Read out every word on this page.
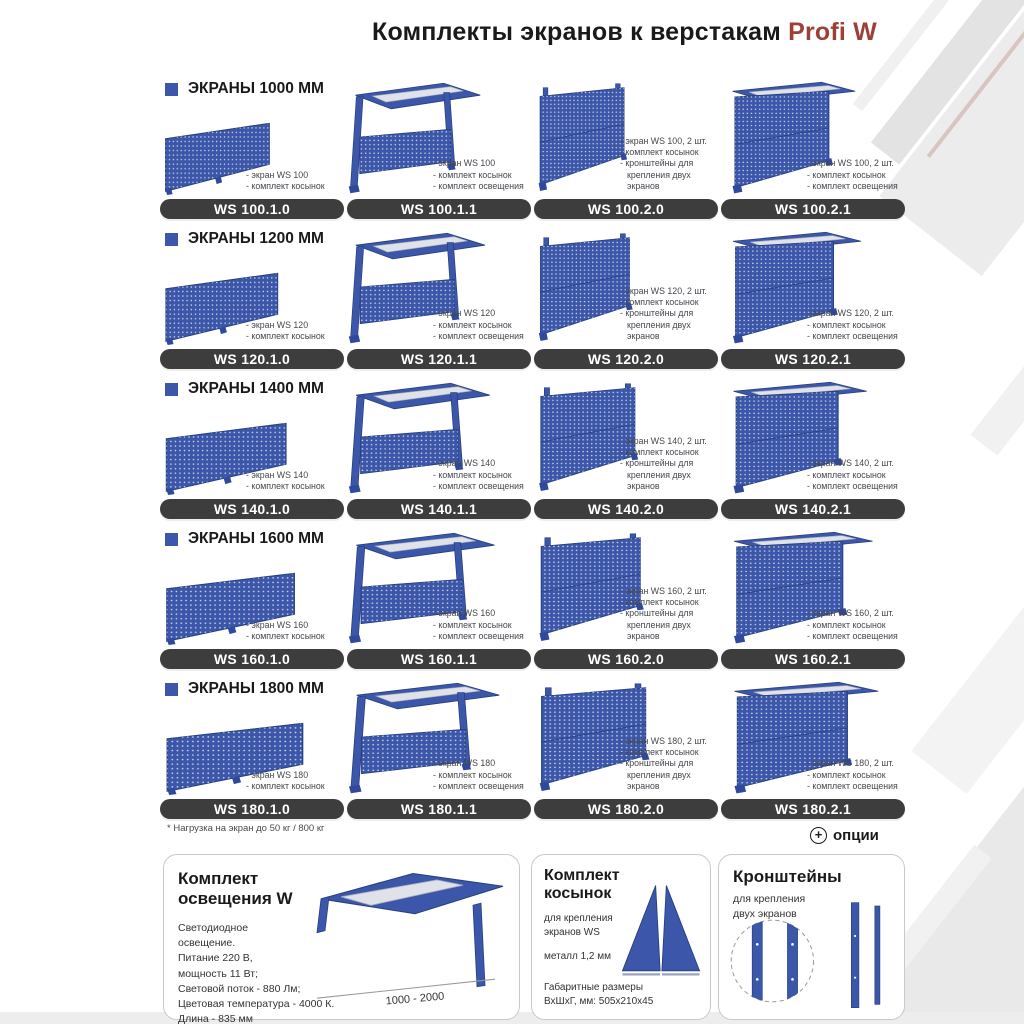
Комплекты экранов к верстакам Profi W
ЭКРАНЫ 1000 ММ
- экран WS 100
- комплект косынок
WS 100.1.0
- экран WS 100
- комплект косынок
- комплект освещения
WS 100.1.1
- экран WS 100, 2 шт.
- комплект косынок
- кронштейны для крепления двух экранов
WS 100.2.0
- экран WS 100, 2 шт.
- комплект косынок
- комплект освещения
WS 100.2.1
ЭКРАНЫ 1200 ММ
- экран WS 120
- комплект косынок
WS 120.1.0
- экран WS 120
- комплект косынок
- комплект освещения
WS 120.1.1
- экран WS 120, 2 шт.
- комплект косынок
- кронштейны для крепления двух экранов
WS 120.2.0
- экран WS 120, 2 шт.
- комплект косынок
- комплект освещения
WS 120.2.1
ЭКРАНЫ 1400 ММ
- экран WS 140
- комплект косынок
WS 140.1.0
- экран WS 140
- комплект косынок
- комплект освещения
WS 140.1.1
- экран WS 140, 2 шт.
- комплект косынок
- кронштейны для крепления двух экранов
WS 140.2.0
- экран WS 140, 2 шт.
- комплект косынок
- комплект освещения
WS 140.2.1
ЭКРАНЫ 1600 ММ
- экран WS 160
- комплект косынок
WS 160.1.0
- экран WS 160
- комплект косынок
- комплект освещения
WS 160.1.1
- экран WS 160, 2 шт.
- комплект косынок
- кронштейны для крепления двух экранов
WS 160.2.0
- экран WS 160, 2 шт.
- комплект косынок
- комплект освещения
WS 160.2.1
ЭКРАНЫ 1800 ММ
- экран WS 180
- комплект косынок
WS 180.1.0
- экран WS 180
- комплект косынок
- комплект освещения
WS 180.1.1
- экран WS 180, 2 шт.
- комплект косынок
- кронштейны для крепления двух экранов
WS 180.2.0
- экран WS 180, 2 шт.
- комплект косынок
- комплект освещения
WS 180.2.1
* Нагрузка на экран до 50 кг / 800 кг	+ опции
Комплект освещения W
Светодиодное
освещение.
Питание 220 В,
мощность 11 Вт;
Световой поток - 880 Лм;
Цветовая температура - 4000 К.
Длина - 835 мм
1000 - 2000
Комплект косынок
для крепления
экранов WS
металл 1,2 мм
Габаритные размеры
ВхШхГ, мм: 505х210х45
Кронштейны
для крепления
двух экранов
